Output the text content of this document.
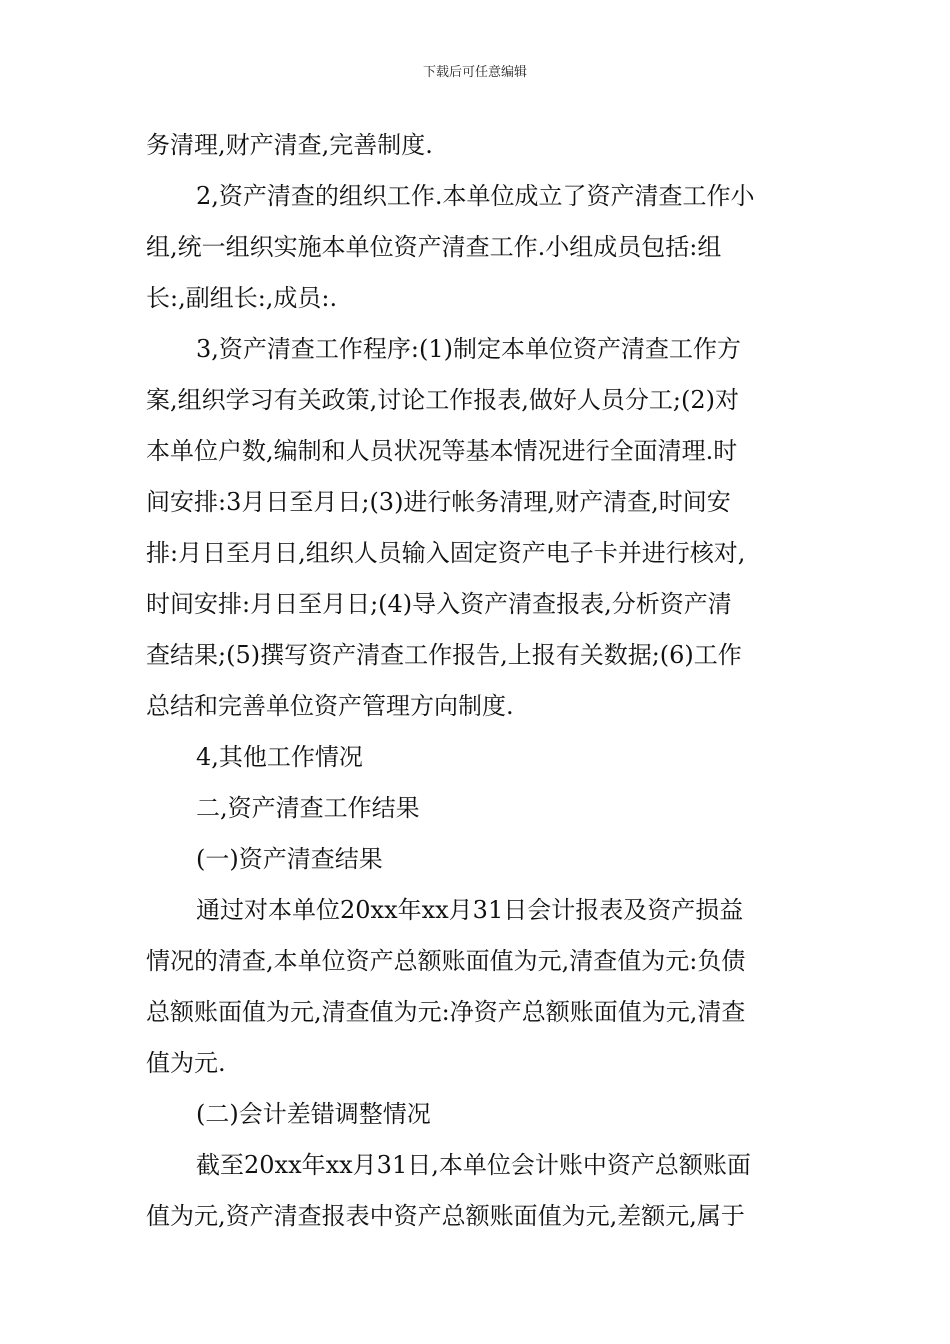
下载后可任意编辑
务清理,财产清查,完善制度.
2,资产清查的组织工作.本单位成立了资产清查工作小
组,统一组织实施本单位资产清查工作.小组成员包括:组
长:,副组长:,成员:.
3,资产清查工作程序:(1)制定本单位资产清查工作方
案,组织学习有关政策,讨论工作报表,做好人员分工;(2)对
本单位户数,编制和人员状况等基本情况进行全面清理.时
间安排:3月日至月日;(3)进行帐务清理,财产清查,时间安
排:月日至月日,组织人员输入固定资产电子卡并进行核对,
时间安排:月日至月日;(4)导入资产清查报表,分析资产清
查结果;(5)撰写资产清查工作报告,上报有关数据;(6)工作
总结和完善单位资产管理方向制度.
4,其他工作情况
二,资产清查工作结果
(一)资产清查结果
通过对本单位20xx年xx月31日会计报表及资产损益
情况的清查,本单位资产总额账面值为元,清查值为元:负债
总额账面值为元,清查值为元:净资产总额账面值为元,清查
值为元.
(二)会计差错调整情况
截至20xx年xx月31日,本单位会计账中资产总额账面
值为元,资产清查报表中资产总额账面值为元,差额元,属于
